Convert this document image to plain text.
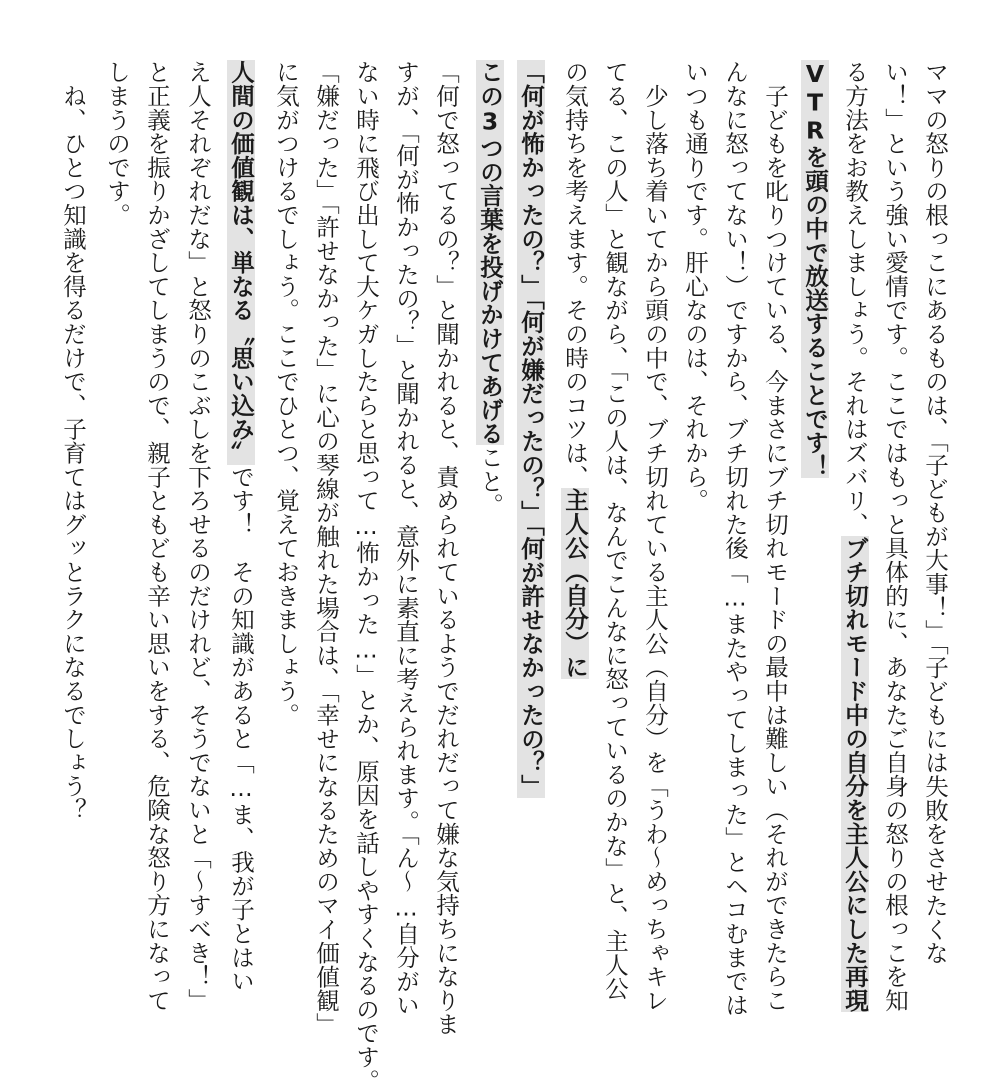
ママの怒りの根っこにあるものは、「子どもが大事！」「子どもには失敗をさせたくな
い！」という強い愛情です。ここではもっと具体的に、あなたご自身の怒りの根っこを知
る方法をお教えしましょう。それはズバリ、ブチ切れモード中の自分を主人公にした再現
VTRを頭の中で放送することです！
　子どもを叱りつけている、今まさにブチ切れモードの最中は難しい（それができたらこ
んなに怒ってない！）ですから、ブチ切れた後「…またやってしまった」とヘコむまでは
いつも通りです。肝心なのは、それから。
　少し落ち着いてから頭の中で、ブチ切れている主人公（自分）を「うわ～めっちゃキレ
てる、この人」と観ながら、「この人は、なんでこんなに怒っているのかな」と、主人公
の気持ちを考えます。その時のコツは、主人公（自分）に
「何が怖かったの？」「何が嫌だったの？」「何が許せなかったの？」
この3つの言葉を投げかけてあげること。
「何で怒ってるの？」と聞かれると、責められているようでだれだって嫌な気持ちになりま
すが、「何が怖かったの？」と聞かれると、意外に素直に考えられます。「ん～…自分がい
ない時に飛び出して大ケガしたらと思って…怖かった…」とか、原因を話しやすくなるのです。
「嫌だった」「許せなかった」に心の琴線が触れた場合は、「幸せになるためのマイ価値観」
に気がつけるでしょう。ここでひとつ、覚えておきましょう。
人間の価値観は、単なる〝思い込み〟です！　その知識があると「…ま、我が子とはい
え人それぞれだな」と怒りのこぶしを下ろせるのだけれど、そうでないと「～すべき！」
と正義を振りかざしてしまうので、親子ともども辛い思いをする、危険な怒り方になって
しまうのです。
　ね、ひとつ知識を得るだけで、子育てはグッとラクになるでしょう？
